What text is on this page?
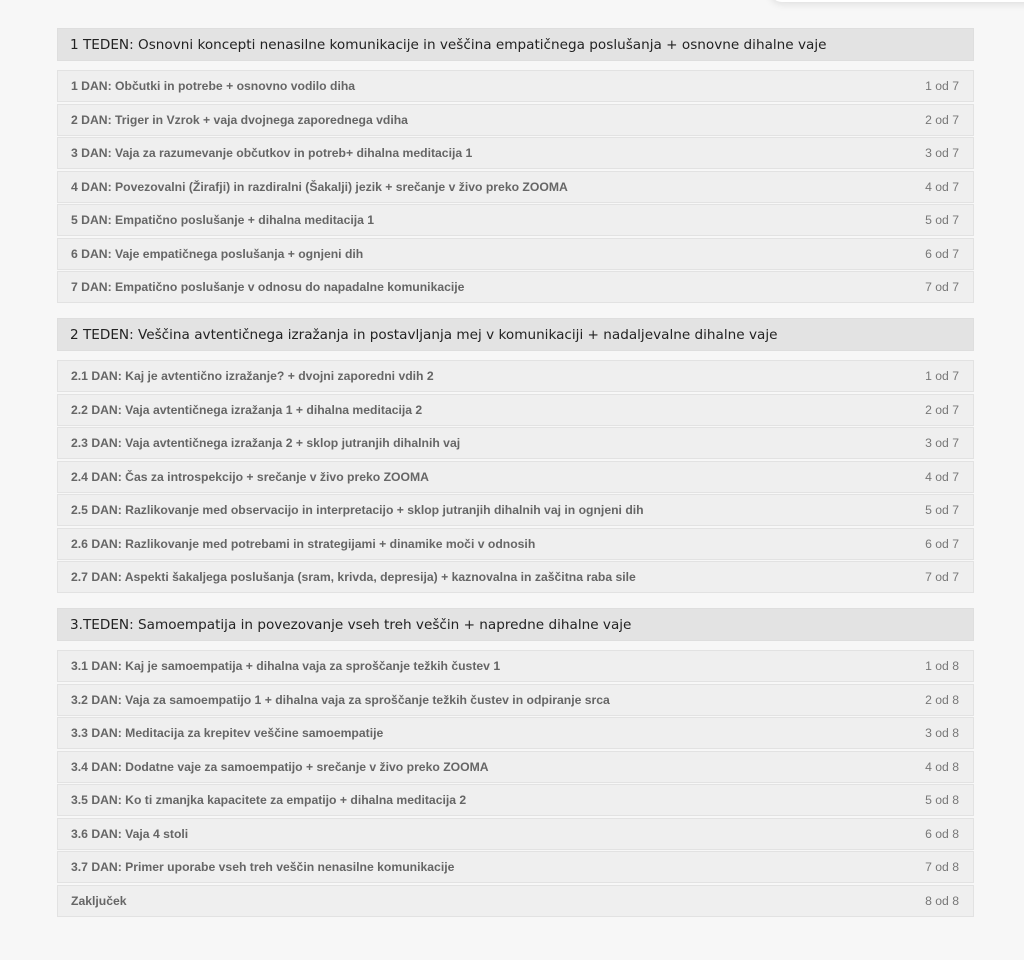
1 TEDEN: Osnovni koncepti nenasilne komunikacije in veščina empatičnega poslušanja + osnovne dihalne vaje
1 DAN: Občutki in potrebe + osnovno vodilo diha	1 od 7
2 DAN: Triger in Vzrok + vaja dvojnega zaporednega vdiha	2 od 7
3 DAN: Vaja za razumevanje občutkov in potreb+ dihalna meditacija 1	3 od 7
4 DAN: Povezovalni (Žirafji) in razdiralni (Šakalji) jezik + srečanje v živo preko ZOOMA	4 od 7
5 DAN: Empatično poslušanje + dihalna meditacija 1	5 od 7
6 DAN: Vaje empatičnega poslušanja + ognjeni dih	6 od 7
7 DAN: Empatično poslušanje v odnosu do napadalne komunikacije	7 od 7
2 TEDEN: Veščina avtentičnega izražanja in postavljanja mej v komunikaciji + nadaljevalne dihalne vaje
2.1 DAN: Kaj je avtentično izražanje? + dvojni zaporedni vdih 2	1 od 7
2.2 DAN: Vaja avtentičnega izražanja 1 + dihalna meditacija 2	2 od 7
2.3 DAN: Vaja avtentičnega izražanja 2 + sklop jutranjih dihalnih vaj	3 od 7
2.4 DAN: Čas za introspekcijo + srečanje v živo preko ZOOMA	4 od 7
2.5 DAN: Razlikovanje med observacijo in interpretacijo + sklop jutranjih dihalnih vaj in ognjeni dih	5 od 7
2.6 DAN: Razlikovanje med potrebami in strategijami + dinamike moči v odnosih	6 od 7
2.7 DAN: Aspekti šakaljega poslušanja (sram, krivda, depresija) + kaznovalna in zaščitna raba sile	7 od 7
3.TEDEN: Samoempatija in povezovanje vseh treh veščin + napredne dihalne vaje
3.1 DAN: Kaj je samoempatija + dihalna vaja za sproščanje težkih čustev 1	1 od 8
3.2 DAN: Vaja za samoempatijo 1 + dihalna vaja za sproščanje težkih čustev in odpiranje srca	2 od 8
3.3 DAN: Meditacija za krepitev veščine samoempatije	3 od 8
3.4 DAN: Dodatne vaje za samoempatijo + srečanje v živo preko ZOOMA	4 od 8
3.5 DAN: Ko ti zmanjka kapacitete za empatijo + dihalna meditacija 2	5 od 8
3.6 DAN: Vaja 4 stoli	6 od 8
3.7 DAN: Primer uporabe vseh treh veščin nenasilne komunikacije	7 od 8
Zaključek	8 od 8
